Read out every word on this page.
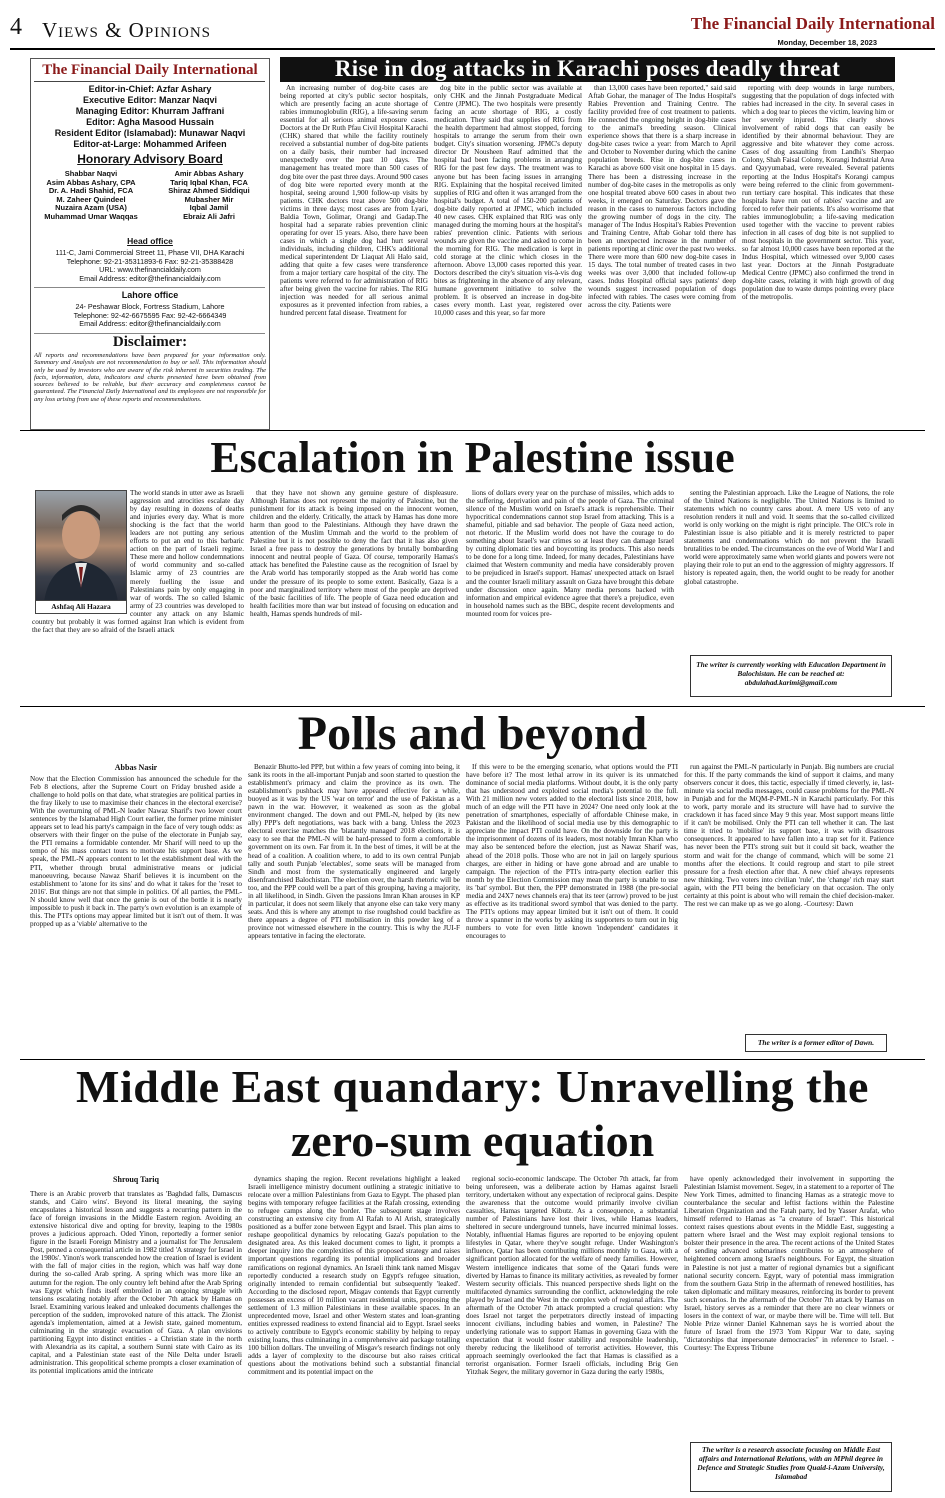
4 Views & Opinions	The Financial Daily International
Monday, December 18, 2023
The Financial Daily International
Editor-in-Chief: Azfar Ashary
Executive Editor: Manzar Naqvi
Managing Editor: Khurram Jaffrani
Editor: Agha Masood Hussain
Resident Editor (Islamabad): Munawar Naqvi
Editor-at-Large: Mohammed Arifeen
Honorary Advisory Board
Shabbar Naqvi
Asim Abbas Ashary, CPA
Dr. A. Hadi Shahid, FCA
M. Zaheer Quindeel
Nuzaira Azam (USA)
Muhammad Umar Waqqas
Amir Abbas Ashary
Tariq Iqbal Khan, FCA
Shiraz Ahmed Siddiqui
Mubasher Mir
Iqbal Jamil
Ebraiz Ali Jafri
Head office
111-C, Jami Commercial Street 11, Phase VII, DHA Karachi
Telephone: 92-21-35311893-6 Fax: 92-21-35388428
URL: www.thefinancialdaily.com
Email Address: editor@thefinancialdaily.com
Lahore office
24- Peshawar Block, Fortress Stadium, Lahore
Telephone: 92-42-6675595 Fax: 92-42-6664349
Email Address: editor@thefinancialdaily.com
Disclaimer:
All reports and recommendations have been prepared for your information only. Summary and Analysis are not recommendation to buy or sell. This information should only be used by investors who are aware of the risk inherent in securities trading. The facts, information, data, indicators and charts presented have been obtained from sources believed to be reliable, but their accuracy and completeness cannot be guaranteed. The Financial Daily International and its employees are not responsible for any loss arising from use of these reports and recommendations.
Rise in dog attacks in Karachi poses deadly threat

An increasing number of dog-bite cases are being reported at city's public sector hospitals, which are presently facing an acute shortage of rabies immunoglobulin (RIG), a life-saving serum essential for all serious animal exposure cases. Doctors at the Dr Ruth Pfau Civil Hospital Karachi (CHK) shared that while the facility routinely received a substantial number of dog-bite patients on a daily basis, their number had increased unexpectedly over the past 10 days. The management has treated more than 500 cases of dog bite over the past three days. Around 900 cases of dog bite were reported every month at the hospital, seeing around 1,900 follow-up visits by patients. CHK doctors treat above 500 dog-bite victims in three days; most cases are from Lyari, Baldia Town, Golimar, Orangi and Gadap.The hospital had a separate rabies prevention clinic operating for over 15 years. Also, there have been cases in which a single dog had hurt several individuals, including children, CHK's additional medical superintendent Dr Liaquat Ali Halo said, adding that quite a few cases were transference from a major tertiary care hospital of the city. The patients were referred to for administration of RIG after being given the vaccine for rabies. The RIG injection was needed for all serious animal exposures as it prevented infection from rabies, a hundred percent fatal disease. Treatment for

dog bite in the public sector was available at only CHK and the Jinnah Postgraduate Medical Centre (JPMC). The two hospitals were presently facing an acute shortage of RIG, a costly medication. They said that supplies of RIG from the health department had almost stopped, forcing hospitals to arrange the serum from their own budget. City's situation worsening. JPMC's deputy director Dr Nousheen Rauf admitted that the hospital had been facing problems in arranging RIG for the past few days. The treatment was to anyone but has been facing issues in arranging RIG. Explaining that the hospital received limited supplies of RIG and often it was arranged from the hospital's budget. A total of 150-200 patients of dog-bite daily reported at JPMC, which included 40 new cases. CHK explained that RIG was only managed during the morning hours at the hospital's rabies' prevention clinic. Patients with serious wounds are given the vaccine and asked to come in the morning for RIG. The medication is kept in cold storage at the clinic which closes in the afternoon. Above 13,000 cases reported this year. Doctors described the city's situation vis-à-vis dog bites as frightening in the absence of any relevant, humane government initiative to solve the problem. It is observed an increase in dog-bite cases every month. Last year, registered over 10,000 cases and this year, so far more

than 13,000 cases have been reported," said said Aftab Gohar, the manager of The Indus Hospital's Rabies Prevention and Training Centre. The facility provided free of cost treatment to patients. He connected the ongoing height in dog-bite cases to the animal's breeding season. Clinical experience shows that there is a sharp increase in dog-bite cases twice a year: from March to April and October to November during which the canine population breeds. Rise in dog-bite cases in Karachi as above 600 visit one hospital in 15 days. There has been a distressing increase in the number of dog-bite cases in the metropolis as only one hospital treated above 600 cases in about two weeks, it emerged on Saturday. Doctors gave the reason in the cases to numerous factors including the growing number of dogs in the city. The manager of The Indus Hospital's Rabies Prevention and Training Centre, Aftab Gohar told there has been an unexpected increase in the number of patients reporting at clinic over the past two weeks. There were more than 600 new dog-bite cases in 15 days. The total number of treated cases in two weeks was over 3,000 that included follow-up cases. Indus Hospital official says patients' deep wounds suggest increased population of dogs infected with rabies. The cases were coming from across the city. Patients were

reporting with deep wounds in large numbers, suggesting that the population of dogs infected with rabies had increased in the city. In several cases in which a dog tear to pieces the victim, leaving him or her severely injured. This clearly shows involvement of rabid dogs that can easily be identified by their abnormal behaviour. They are aggressive and bite whatever they come across. Cases of dog assaulting from Landhi's Sherpao Colony, Shah Faisal Colony, Korangi Industrial Area and Qayyumabad, were revealed. Several patients reporting at the Indus Hospital's Korangi campus were being referred to the clinic from government-run tertiary care hospital. This indicates that these hospitals have run out of rabies' vaccine and are forced to refer their patients. It's also worrisome that rabies immunoglobulin; a life-saving medication used together with the vaccine to prevent rabies infection in all cases of dog bite is not supplied to most hospitals in the government sector. This year, so far almost 10,000 cases have been reported at the Indus Hospital, which witnessed over 9,000 cases last year. Doctors at the Jinnah Postgraduate Medical Centre (JPMC) also confirmed the trend in dog-bite cases, relating it with high growth of dog population due to waste dumps pointing every place of the metropolis.

Escalation in Palestine issue
Ashfaq Ali Hazara

The world stands in utter awe as Israeli aggression and atrocities escalate day by day resulting in dozens of deaths and injuries every day. What is more shocking is the fact that the world leaders are not putting any serious efforts to put an end to this barbaric action on the part of Israeli regime. These mere and hollow condemnations of world community and so-called Islamic army of 23 countries are merely fuelling the issue and Palestinians pain by only engaging in war of words. The so called Islamic army of 23 countries was developed to counter any attack on any Islamic country but probably it was formed against Iran which is evident from the fact that they are so afraid of the Israeli attack

that they have not shown any genuine gesture of displeasure. Although Hamas does not represent the majority of Palestine, but the punishment for its attack is being imposed on the innocent women, children and the elderly. Critically, the attack by Hamas has done more harm than good to the Palestinians. Although they have drawn the attention of the Muslim Ummah and the world to the problem of Palestine but it is not possible to deny the fact that it has also given Israel a free pass to destroy the generations by brutally bombarding innocent and neutral people of Gaza. Of course, temporarily Hamas's attack has benefited the Palestine cause as the recognition of Israel by the Arab world has temporarily stopped as the Arab world has come under the pressure of its people to some extent. Basically, Gaza is a poor and marginalized territory where most of the people are deprived of the basic facilities of life. The people of Gaza need education and health facilities more than war but instead of focusing on education and health, Hamas spends hundreds of mil-

lions of dollars every year on the purchase of missiles, which adds to the suffering, deprivation and pain of the people of Gaza. The criminal silence of the Muslim world on Israel's attack is reprehensible. Their hypocritical condemnations cannot stop Israel from attacking. This is a shameful, pitiable and sad behavior. The people of Gaza need action, not rhetoric. If the Muslim world does not have the courage to do something about Israel's war crimes so at least they can damage Israel by cutting diplomatic ties and boycotting its products. This also needs to be done for a long time. Indeed, for many decades, Palestinians have claimed that Western community and media have considerably proven to be prejudiced in Israel's support. Hamas' unexpected attack on Israel and the counter Israeli military assault on Gaza have brought this debate under discussion once again. Many media persons backed with information and empirical evidence agree that there's a prejudice, even in household names such as the BBC, despite recent developments and mounted room for voices pre-

senting the Palestinian approach. Like the League of Nations, the role of the United Nations is negligible. The United Nations is limited to statements which no country cares about. A mere US veto of any resolution renders it null and void. It seems that the so-called civilized world is only working on the might is right principle. The OIC's role in Palestinian issue is also pitiable and it is merely restricted to paper statements and condemnations which do not prevent the Israeli brutalities to be ended. The circumstances on the eve of World War I and world were approximately same when world giants and powers were not playing their role to put an end to the aggression of mighty aggressors. If history is repeated again, then, the world ought to be ready for another global catastrophe.

The writer is currently working with Education Department in Balochistan. He can be reached at: abdulahad.karimi@gmail.com
Polls and beyond
Abbas Nasir

Now that the Election Commission has announced the schedule for the Feb 8 elections, after the Supreme Court on Friday brushed aside a challenge to hold polls on that date, what strategies are political parties in the fray likely to use to maximise their chances in the electoral exercise? With the overturning of PML-N leader Nawaz Sharif's two lower court sentences by the Islamabad High Court earlier, the former prime minister appears set to lead his party's campaign in the face of very tough odds: as observers with their finger on the pulse of the electorate in Punjab say, the PTI remains a formidable contender. Mr Sharif will need to up the tempo of his mass contact tours to motivate his support base. As we speak, the PML-N appears content to let the establishment deal with the PTI, whether through brutal administrative means or judicial manoeuvring, because Nawaz Sharif believes it is incumbent on the establishment to 'atone for its sins' and do what it takes for the 'reset to 2016'. But things are not that simple in politics. Of all parties, the PML-N should know well that once the genie is out of the bottle it is nearly impossible to push it back in. The party's own evolution is an example of this. The PTI's options may appear limited but it isn't out of them. It was propped up as a 'viable' alternative to the

Benazir Bhutto-led PPP, but within a few years of coming into being, it sank its roots in the all-important Punjab and soon started to question the establishment's primacy and claim the province as its own. The establishment's pushback may have appeared effective for a while, buoyed as it was by the US 'war on terror' and the use of Pakistan as a pawn in the war. However, it weakened as soon as the global environment changed. The down and out PML-N, helped by (its new ally) PPP's deft negotiations, was back with a bang. Unless the 2023 electoral exercise matches the 'blatantly managed' 2018 elections, it is easy to see that the PML-N will be hard-pressed to form a comfortable government on its own. Far from it. In the best of times, it will be at the head of a coalition. A coalition where, to add to its own central Punjab tally and south Punjab 'electables', some seats will be managed from Sindh and most from the systematically engineered and largely disenfranchised Balochistan. The election over, the harsh rhetoric will be too, and the PPP could well be a part of this grouping, having a majority, in all likelihood, in Sindh. Given the passions Imran Khan arouses in KP in particular, it does not seem likely that anyone else can take very many seats. And this is where any attempt to rise roughshod could backfire as there appears a degree of PTI mobilisation in this powder keg of a province not witnessed elsewhere in the country. This is why the JUI-F appears tentative in facing the electorate.

If this were to be the emerging scenario, what options would the PTI have before it? The most lethal arrow in its quiver is its unmatched dominance of social media platforms. Without doubt, it is the only party that has understood and exploited social media's potential to the full. With 21 million new voters added to the electoral lists since 2018, how much of an edge will the PTI have in 2024? One need only look at the penetration of smartphones, especially of affordable Chinese make, in Pakistan and the likelihood of social media use by this demographic to appreciate the impact PTI could have. On the downside for the party is the imprisonment of dozens of its leaders, most notably Imran Khan who may also be sentenced before the election, just as Nawaz Sharif was, ahead of the 2018 polls. Those who are not in jail on largely spurious charges, are either in hiding or have gone abroad and are unable to campaign. The rejection of the PTI's intra-party election earlier this month by the Election Commission may mean the party is unable to use its 'bat' symbol. But then, the PPP demonstrated in 1988 (the pre-social media and 24X7 news channels era) that its teer (arrow) proved to be just as effective as its traditional sword symbol that was denied to the party. The PTI's options may appear limited but it isn't out of them. It could throw a spanner in the works by asking its supporters to turn out in big numbers to vote for even little known 'independent' candidates it encourages to

run against the PML-N particularly in Punjab. Big numbers are crucial for this. If the party commands the kind of support it claims, and many observers concur it does, this tactic, especially if timed cleverly, ie, last-minute via social media messages, could cause problems for the PML-N in Punjab and for the MQM-P-PML-N in Karachi particularly. For this to work, party morale and its structure will have had to survive the crackdown it has faced since May 9 this year. Most support means little if it can't be mobilised. Only the PTI can tell whether it can. The last time it tried to 'mobilise' its support base, it was with disastrous consequences. It appeared to have fallen into a trap set for it. Patience has never been the PTI's strong suit but it could sit back, weather the storm and wait for the change of command, which will be some 21 months after the elections. It could regroup and start to pile street pressure for a fresh election after that. A new chief always represents new thinking. Two voters into civilian 'rule', the 'change' rich may start again, with the PTI being the beneficiary on that occasion. The only certainty at this point is about who will remain the chief decision-maker. The rest we can make up as we go along. -Courtesy: Dawn

The writer is a former editor of Dawn.
Middle East quandary: Unravelling the
zero-sum equation
Shrouq Tariq

There is an Arabic proverb that translates as 'Baghdad falls, Damascus stands, and Cairo wins'. Beyond its literal meaning, the saying encapsulates a historical lesson and suggests a recurring pattern in the face of foreign invasions in the Middle Eastern region. Avoiding an extensive historical dive and opting for brevity, leaping to the 1980s proves a judicious approach. Oded Yinon, reportedly a former senior figure in the Israeli Foreign Ministry and a journalist for The Jerusalem Post, penned a consequential article in 1982 titled 'A strategy for Israel in the 1980s'. Yinon's work transcended how the creation of Israel is evident with the fall of major cities in the region, which was half way done during the so-called Arab spring. A spring which was more like an autumn for the region. The only country left behind after the Arab Spring was Egypt which finds itself embroiled in an ongoing struggle with tensions escalating notably after the October 7th attack by Hamas on Israel. Examining various leaked and unleaked documents challenges the perception of the sudden, improvoked nature of this attack. The Zionist agenda's implementation, aimed at a Jewish state, gained momentum, culminating in the strategic evacuation of Gaza. A plan envisions partitioning Egypt into distinct entities - a Christian state in the north with Alexandria as its capital, a southern Sunni state with Cairo as its capital, and a Palestinian state east of the Nile Delta under Israeli administration. This geopolitical scheme prompts a closer examination of its potential implications amid the intricate

dynamics shaping the region. Recent revelations highlight a leaked Israeli intelligence ministry document outlining a strategic initiative to relocate over a million Palestinians from Gaza to Egypt. The phased plan begins with temporary refugee facilities at the Rafah crossing, extending to refugee camps along the border. The subsequent stage involves constructing an extensive city from Al Rafah to Al Arish, strategically positioned as a buffer zone between Egypt and Israel. This plan aims to reshape geopolitical dynamics by relocating Gaza's population to the designated area. As this leaked document comes to light, it prompts a deeper inquiry into the complexities of this proposed strategy and raises important questions regarding its potential implications and broader ramifications on regional dynamics. An Israeli think tank named Misgav reportedly conducted a research study on Egypt's refugee situation, originally intended to remain confidential but subsequently 'leaked'. According to the disclosed report, Misgav contends that Egypt currently possesses an excess of 10 million vacant residential units, proposing the settlement of 1.3 million Palestinians in these available spaces. In an unprecedented move, Israel and other Western states and loan-granting entities expressed readiness to extend financial aid to Egypt. Israel seeks to actively contribute to Egypt's economic stability by helping to repay existing loans, thus culminating in a comprehensive aid package totalling 100 billion dollars. The unveiling of Misgav's research findings not only adds a layer of complexity to the discourse but also raises critical questions about the motivations behind such a substantial financial commitment and its potential impact on the

regional socio-economic landscape. The October 7th attack, far from being unforeseen, was a deliberate action by Hamas against Israeli territory, undertaken without any expectation of reciprocal gains. Despite the awareness that the outcome would primarily involve civilian casualties, Hamas targeted Kibutz. As a consequence, a substantial number of Palestinians have lost their lives, while Hamas leaders, sheltered in secure underground tunnels, have incurred minimal losses. Notably, influential Hamas figures are reported to be enjoying opulent lifestyles in Qatar, where they've sought refuge. Under Washington's influence, Qatar has been contributing millions monthly to Gaza, with a significant portion allocated for the welfare of needy families. However, Western intelligence indicates that some of the Qatari funds were diverted by Hamas to finance its military activities, as revealed by former Western security officials. This nuanced perspective sheds light on the multifaceted dynamics surrounding the conflict, acknowledging the role played by Israel and the West in the complex web of regional affairs. The aftermath of the October 7th attack prompted a crucial question: why does Israel not target the perpetrators directly instead of impacting innocent civilians, including babies and women, in Palestine? The underlying rationale was to support Hamas in governing Gaza with the expectation that it would foster stability and responsible leadership, thereby reducing the likelihood of terrorist activities. However, this approach seemingly overlooked the fact that Hamas is classified as a terrorist organisation. Former Israeli officials, including Brig Gen Yitzhak Segev, the military governor in Gaza during the early 1980s,

have openly acknowledged their involvement in supporting the Palestinian Islamist movement. Segev, in a statement to a reporter of The New York Times, admitted to financing Hamas as a strategic move to counterbalance the secular and leftist factions within the Palestine Liberation Organization and the Fatah party, led by Yasser Arafat, who himself referred to Hamas as "a creature of Israel". This historical context raises questions about events in the Middle East, suggesting a pattern where Israel and the West may exploit regional tensions to bolster their presence in the area. The recent actions of the United States of sending advanced submarines contributes to an atmosphere of heightened concern among Israel's neighbours. For Egypt, the situation in Palestine is not just a matter of regional dynamics but a significant national security concern. Egypt, wary of potential mass immigration from the southern Gaza Strip in the aftermath of renewed hostilities, has taken diplomatic and military measures, reinforcing its border to prevent such scenarios. In the aftermath of the October 7th attack by Hamas on Israel, history serves as a reminder that there are no clear winners or losers in the context of war, or maybe there will be. Time will tell. But Noble Prize winner Daniel Kahneman says he is worried about the future of Israel from the 1973 Yom Kippur War to date, saying "dictatorships that impersonate democracies" in reference to Israel. -Courtesy: The Express Tribune

The writer is a research associate focusing on Middle East affairs and International Relations, with an MPhil degree in Defence and Strategic Studies from Quaid-i-Azam University, Islamabad
